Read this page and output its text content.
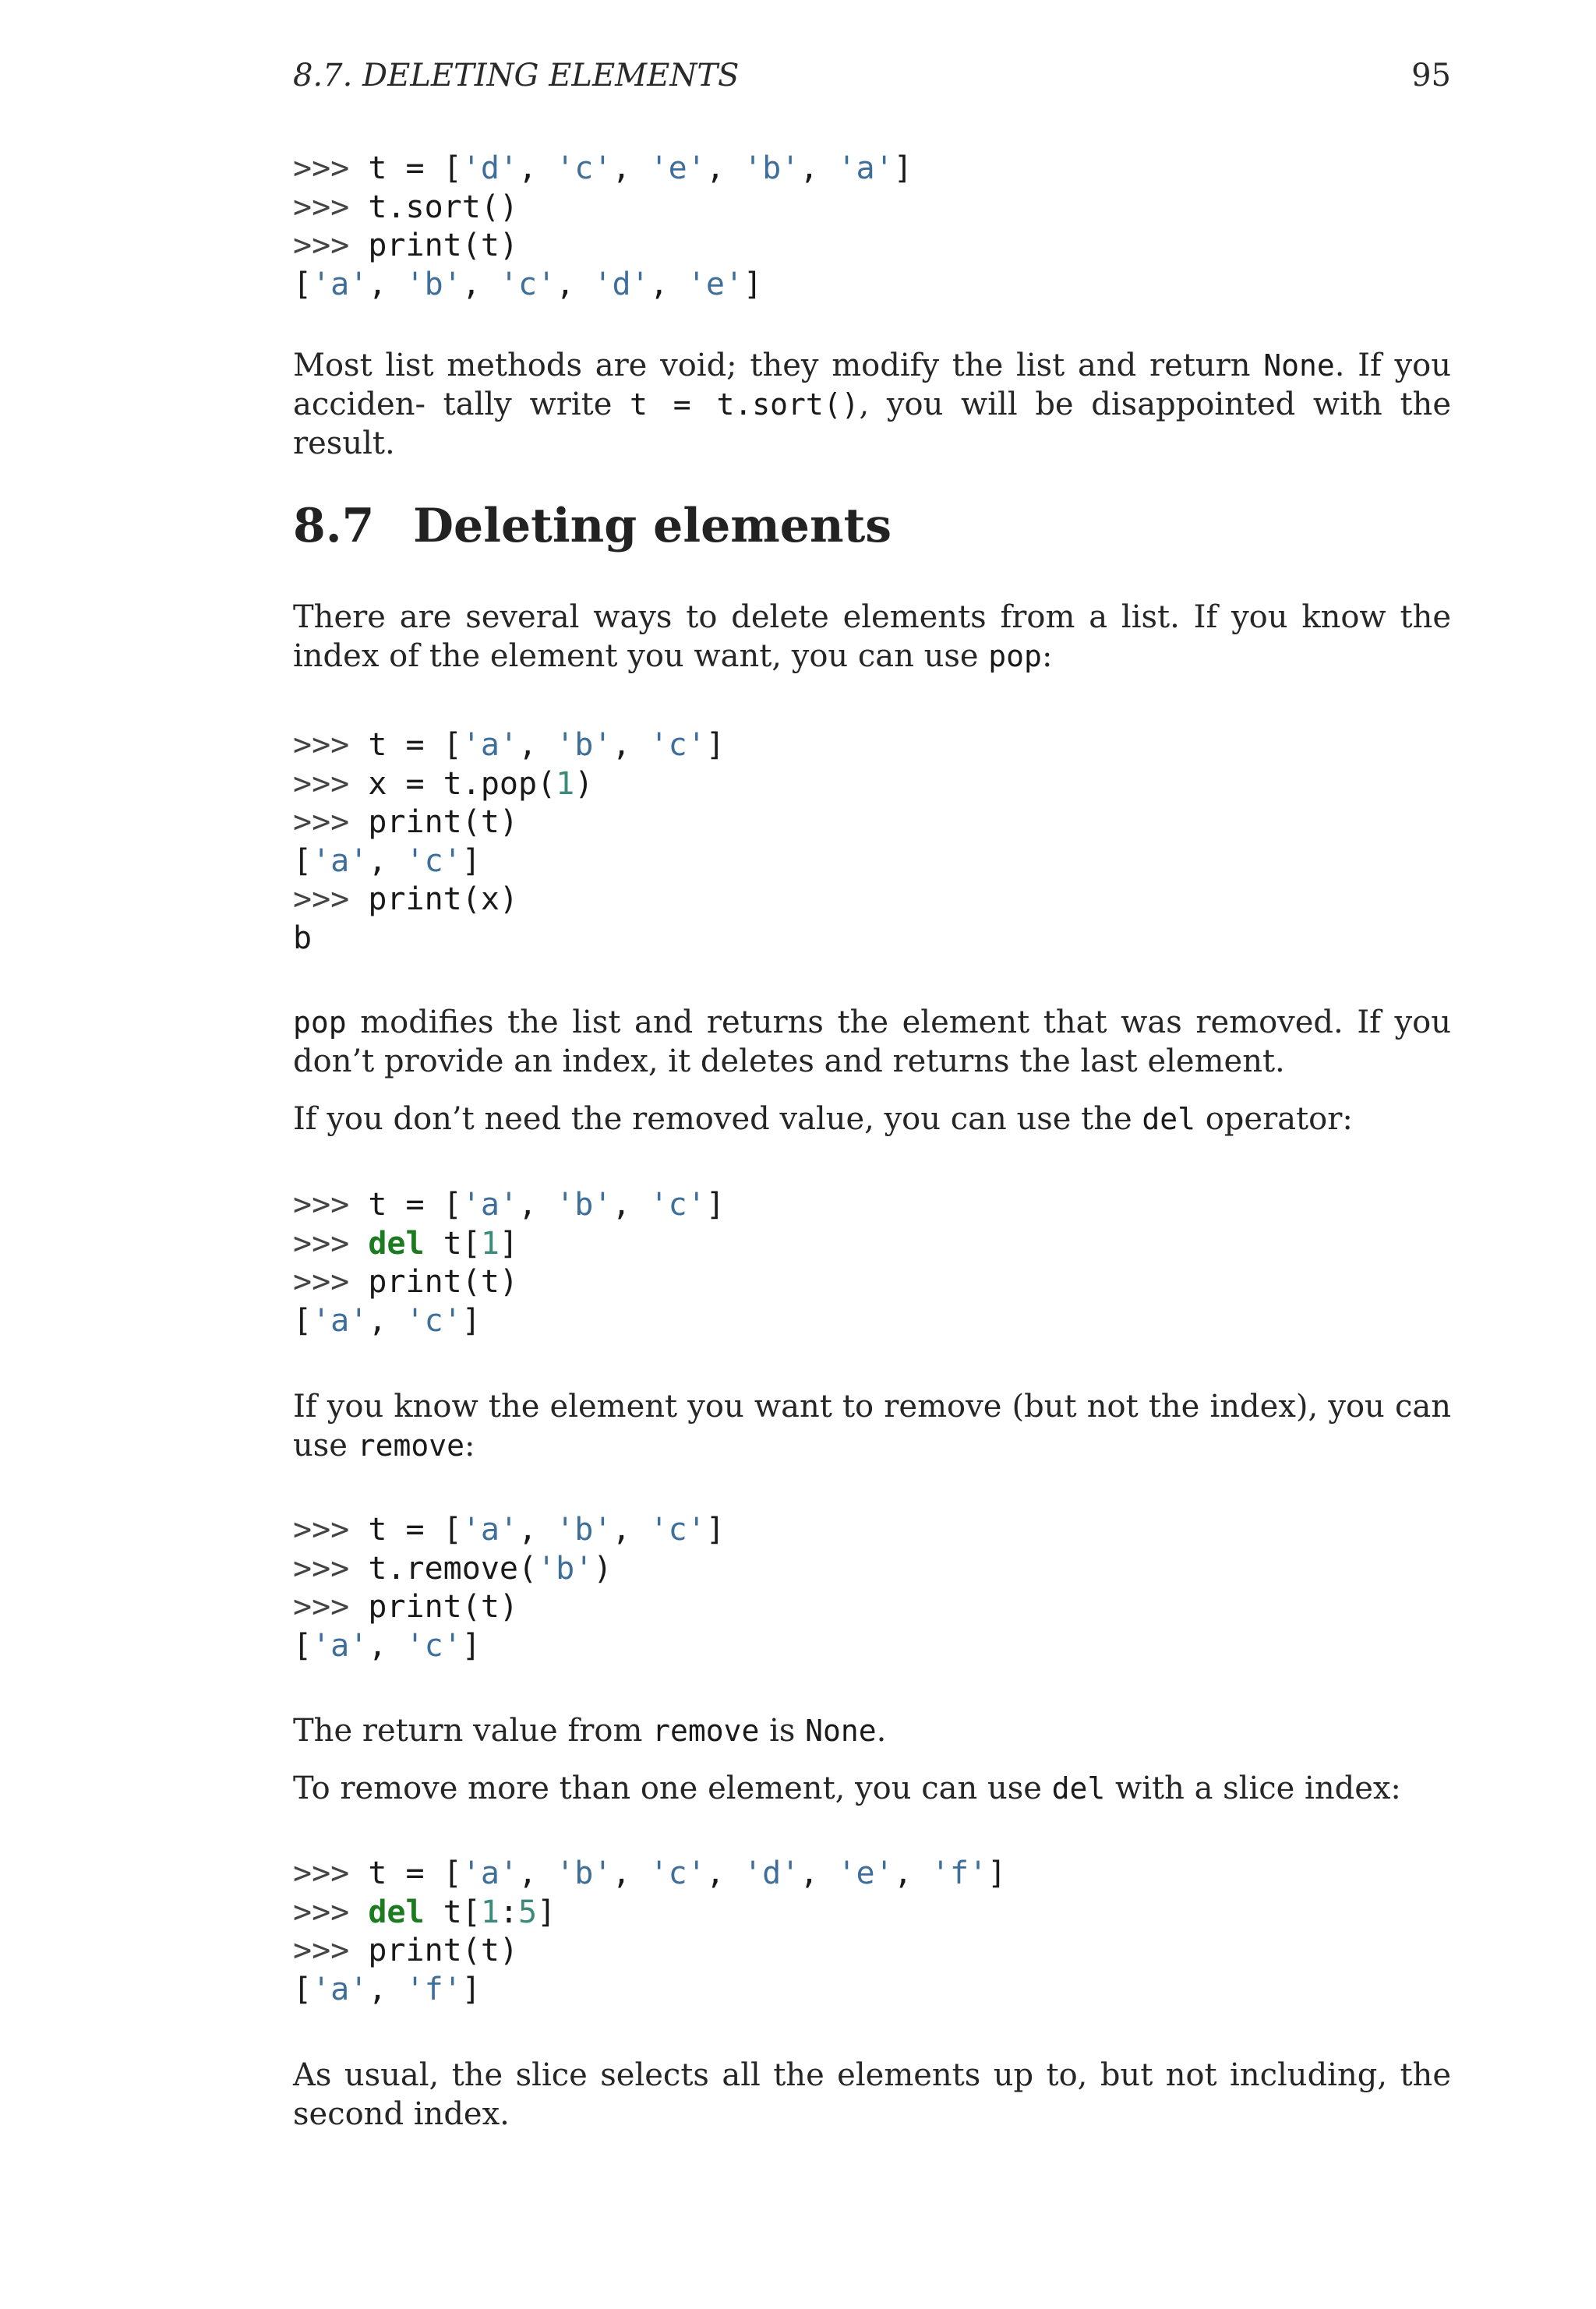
8.7. DELETING ELEMENTS	95
>>> t = ['d', 'c', 'e', 'b', 'a']
>>> t.sort()
>>> print(t)
['a', 'b', 'c', 'd', 'e']
Most list methods are void; they modify the list and return None. If you acciden- tally write t = t.sort(), you will be disappointed with the result.
8.7 Deleting elements
There are several ways to delete elements from a list. If you know the index of the element you want, you can use pop:
>>> t = ['a', 'b', 'c']
>>> x = t.pop(1)
>>> print(t)
['a', 'c']
>>> print(x)
b
pop modifies the list and returns the element that was removed. If you don’t provide an index, it deletes and returns the last element.
If you don’t need the removed value, you can use the del operator:
>>> t = ['a', 'b', 'c']
>>> del t[1]
>>> print(t)
['a', 'c']
If you know the element you want to remove (but not the index), you can use remove:
>>> t = ['a', 'b', 'c']
>>> t.remove('b')
>>> print(t)
['a', 'c']
The return value from remove is None.
To remove more than one element, you can use del with a slice index:
>>> t = ['a', 'b', 'c', 'd', 'e', 'f']
>>> del t[1:5]
>>> print(t)
['a', 'f']
As usual, the slice selects all the elements up to, but not including, the second index.
